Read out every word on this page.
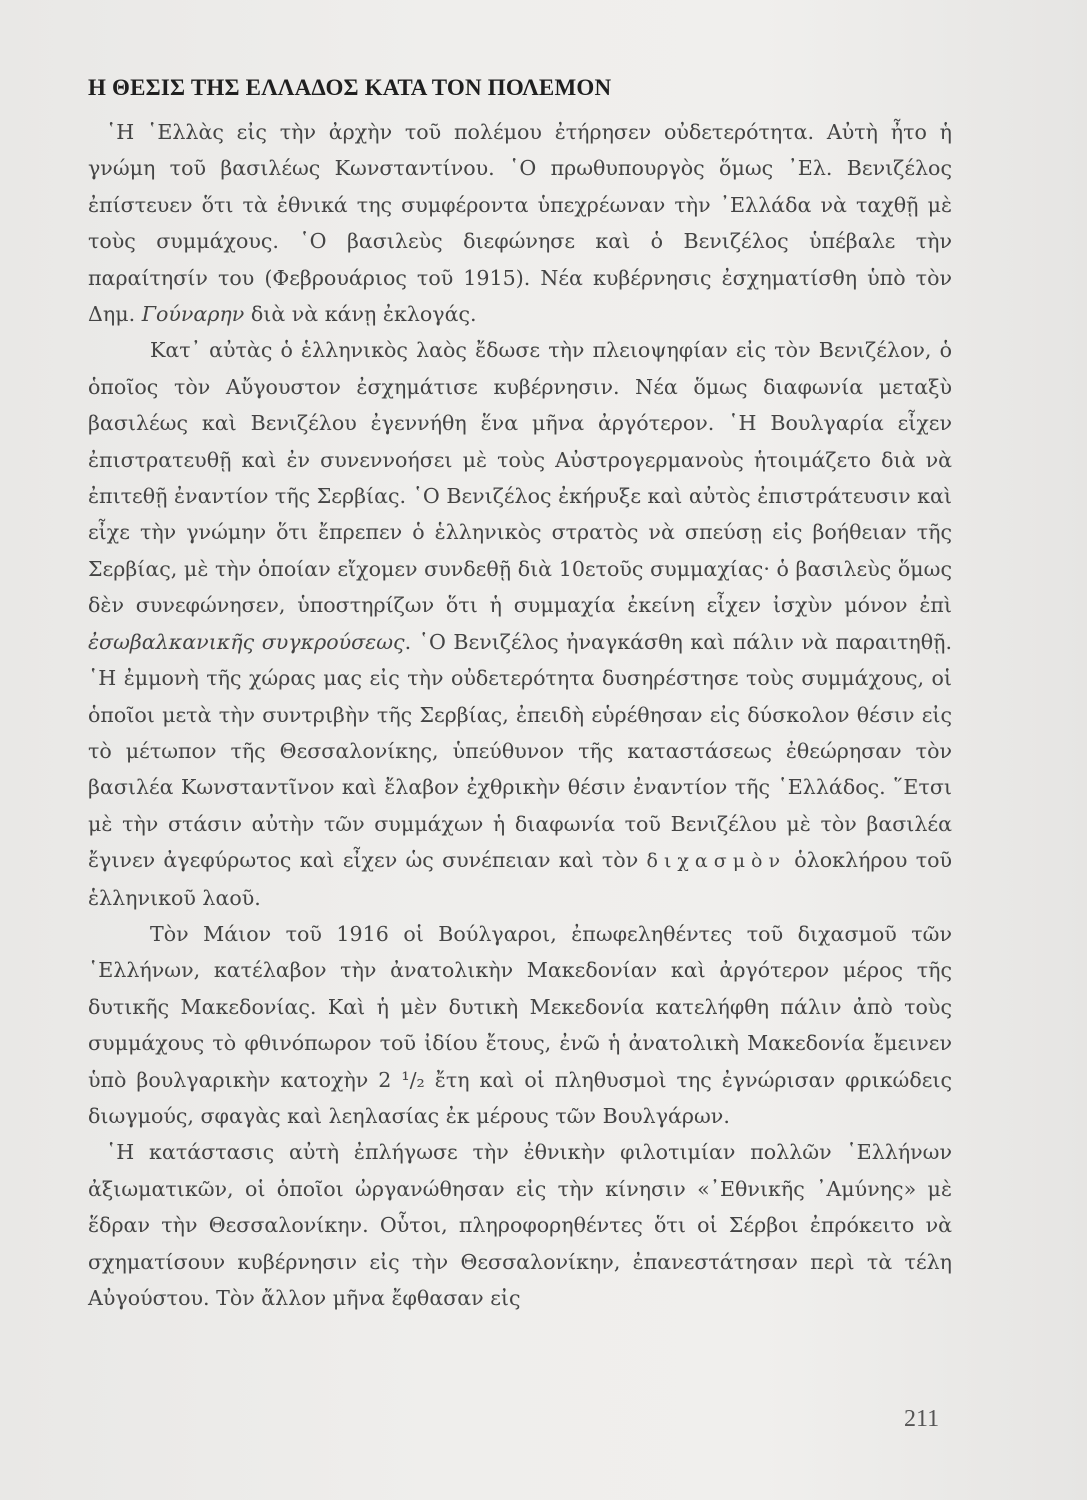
Η ΘΕΣΙΣ ΤΗΣ ΕΛΛΑΔΟΣ ΚΑΤΑ ΤΟΝ ΠΟΛΕΜΟΝ

῾Η ῾Ελλὰς εἰς τὴν ἀρχὴν τοῦ πολέμου ἐτήρησεν οὐδετερότητα. Αὐτὴ ἦτο ἡ γνώμη τοῦ βασιλέως Κωνσταντίνου. ῾Ο πρωθυπουργὸς ὅμως ᾿Ελ. Βενιζέλος ἐπίστευεν ὅτι τὰ ἐθνικά της συμφέροντα ὑπεχρέωναν τὴν ᾿Ελλάδα νὰ ταχθῇ μὲ τοὺς συμμάχους. ῾Ο βασιλεὺς διεφώνησε καὶ ὁ Βενιζέλος ὑπέβαλε τὴν παραίτησίν του (Φεβρουάριος τοῦ 1915). Νέα κυβέρνησις ἐσχηματίσθη ὑπὸ τὸν Δημ. Γούναρην διὰ νὰ κάνῃ ἐκλογάς.

Κατ᾿ αὐτὰς ὁ ἑλληνικὸς λαὸς ἔδωσε τὴν πλειοψηφίαν εἰς τὸν Βενιζέλον, ὁ ὁποῖος τὸν Αὔγουστον ἐσχημάτισε κυβέρνησιν. Νέα ὅμως διαφωνία μεταξὺ βασιλέως καὶ Βενιζέλου ἐγεννήθη ἕνα μῆνα ἀργότερον. ῾Η Βουλγαρία εἶχεν ἐπιστρατευθῇ καὶ ἐν συνεννοήσει μὲ τοὺς Αὐστρογερμανοὺς ἡτοιμάζετο διὰ νὰ ἐπιτεθῇ ἐναντίον τῆς Σερβίας. ῾Ο Βενιζέλος ἐκήρυξε καὶ αὐτὸς ἐπιστράτευσιν καὶ εἶχε τὴν γνώμην ὅτι ἔπρεπεν ὁ ἑλληνικὸς στρατὸς νὰ σπεύσῃ εἰς βοήθειαν τῆς Σερβίας, μὲ τὴν ὁποίαν εἴχομεν συνδεθῇ διὰ 10ετοῦς συμμαχίας· ὁ βασιλεὺς ὅμως δὲν συνεφώνησεν, ὑποστηρίζων ὅτι ἡ συμμαχία ἐκείνη εἶχεν ἰσχὺν μόνον ἐπὶ ἐσωβαλκανικῆς συγκρούσεως. ῾Ο Βενιζέλος ἠναγκάσθη καὶ πάλιν νὰ παραιτηθῇ. ῾Η ἐμμονὴ τῆς χώρας μας εἰς τὴν οὐδετερότητα δυσηρέστησε τοὺς συμμάχους, οἱ ὁποῖοι μετὰ τὴν συντριβὴν τῆς Σερβίας, ἐπειδὴ εὑρέθησαν εἰς δύσκολον θέσιν εἰς τὸ μέτωπον τῆς Θεσσαλονίκης, ὑπεύθυνον τῆς καταστάσεως ἐθεώρησαν τὸν βασιλέα Κωνσταντῖνον καὶ ἔλαβον ἐχθρικὴν θέσιν ἐναντίον τῆς ῾Ελλάδος. ῞Ετσι μὲ τὴν στάσιν αὐτὴν τῶν συμμάχων ἡ διαφωνία τοῦ Βενιζέλου μὲ τὸν βασιλέα ἔγινεν ἀγεφύρωτος καὶ εἶχεν ὡς συνέπειαν καὶ τὸν διχασμὸν ὁλοκλήρου τοῦ ἑλληνικοῦ λαοῦ.

Τὸν Μάιον τοῦ 1916 οἱ Βούλγαροι, ἐπωφεληθέντες τοῦ διχασμοῦ τῶν ῾Ελλήνων, κατέλαβον τὴν ἀνατολικὴν Μακεδονίαν καὶ ἀργότερον μέρος τῆς δυτικῆς Μακεδονίας. Καὶ ἡ μὲν δυτικὴ Μεκεδονία κατελήφθη πάλιν ἀπὸ τοὺς συμμάχους τὸ φθινόπωρον τοῦ ἰδίου ἔτους, ἐνῶ ἡ ἀνατολικὴ Μακεδονία ἔμεινεν ὑπὸ βουλγαρικὴν κατοχὴν 2 ¹/₂ ἔτη καὶ οἱ πληθυσμοὶ της ἐγνώρισαν φρικώδεις διωγμούς, σφαγὰς καὶ λεηλασίας ἐκ μέρους τῶν Βουλγάρων.

῾Η κατάστασις αὐτὴ ἐπλήγωσε τὴν ἐθνικὴν φιλοτιμίαν πολλῶν ῾Ελλήνων ἀξιωματικῶν, οἱ ὁποῖοι ὠργανώθησαν εἰς τὴν κίνησιν «᾿Εθνικῆς ᾿Αμύνης» μὲ ἕδραν τὴν Θεσσαλονίκην. Οὗτοι, πληροφορηθέντες ὅτι οἱ Σέρβοι ἐπρόκειτο νὰ σχηματίσουν κυβέρνησιν εἰς τὴν Θεσσαλονίκην, ἐπανεστάτησαν περὶ τὰ τέλη Αὐγούστου. Τὸν ἄλλον μῆνα ἔφθασαν εἰς

211
